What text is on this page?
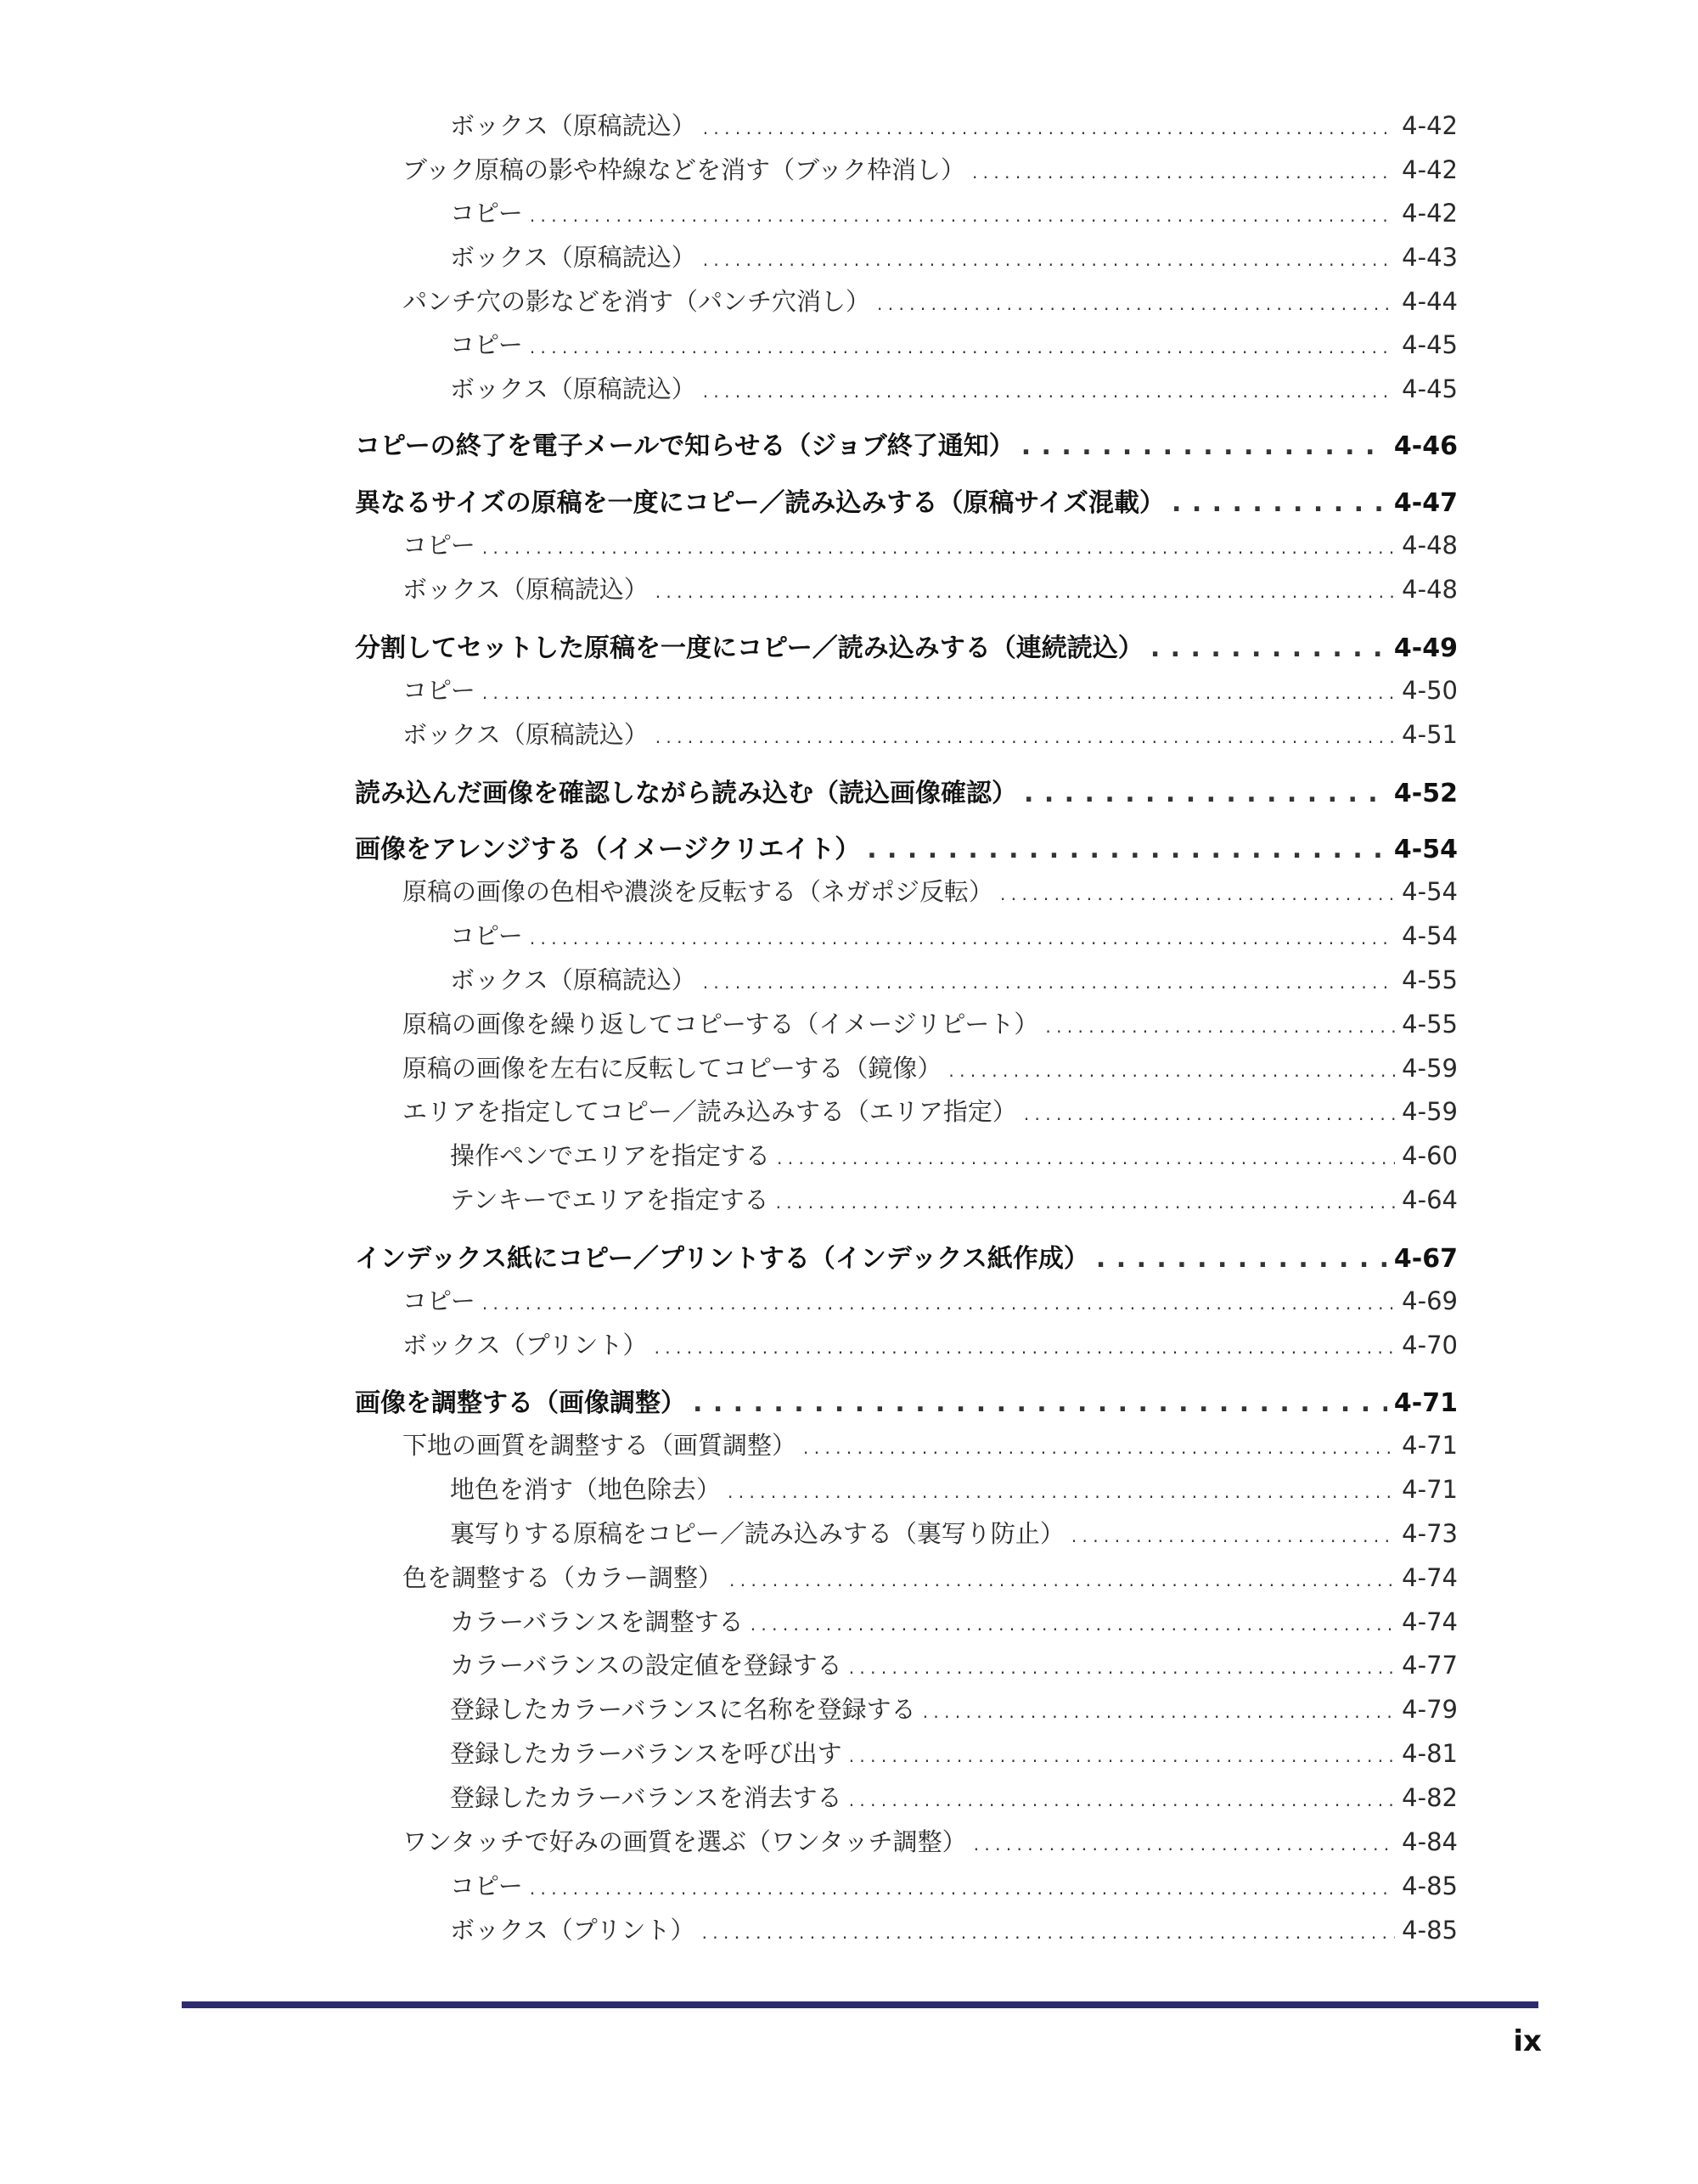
ボックス（原稿読込） . . .	4-42
ブック原稿の影や枠線などを消す（ブック枠消し） . . .	4-42
コピー . . .	4-42
ボックス（原稿読込） . . .	4-43
パンチ穴の影などを消す（パンチ穴消し） . . .	4-44
コピー . . .	4-45
ボックス（原稿読込） . . .	4-45
コピーの終了を電子メールで知らせる（ジョブ終了通知） . . .	4-46
異なるサイズの原稿を一度にコピー／読み込みする（原稿サイズ混載） . . .	4-47
コピー . . .	4-48
ボックス（原稿読込） . . .	4-48
分割してセットした原稿を一度にコピー／読み込みする（連続読込） . . .	4-49
コピー . . .	4-50
ボックス（原稿読込） . . .	4-51
読み込んだ画像を確認しながら読み込む（読込画像確認） . . .	4-52
画像をアレンジする（イメージクリエイト） . . .	4-54
原稿の画像の色相や濃淡を反転する（ネガポジ反転） . . .	4-54
コピー . . .	4-54
ボックス（原稿読込） . . .	4-55
原稿の画像を繰り返してコピーする（イメージリピート） . . .	4-55
原稿の画像を左右に反転してコピーする（鏡像） . . .	4-59
エリアを指定してコピー／読み込みする（エリア指定） . . .	4-59
操作ペンでエリアを指定する . . .	4-60
テンキーでエリアを指定する . . .	4-64
インデックス紙にコピー／プリントする（インデックス紙作成） . . .	4-67
コピー . . .	4-69
ボックス（プリント） . . .	4-70
画像を調整する（画像調整） . . .	4-71
下地の画質を調整する（画質調整） . . .	4-71
地色を消す（地色除去） . . .	4-71
裏写りする原稿をコピー／読み込みする（裏写り防止） . . .	4-73
色を調整する（カラー調整） . . .	4-74
カラーバランスを調整する . . .	4-74
カラーバランスの設定値を登録する . . .	4-77
登録したカラーバランスに名称を登録する . . .	4-79
登録したカラーバランスを呼び出す . . .	4-81
登録したカラーバランスを消去する . . .	4-82
ワンタッチで好みの画質を選ぶ（ワンタッチ調整） . . .	4-84
コピー . . .	4-85
ボックス（プリント） . . .	4-85
ix
